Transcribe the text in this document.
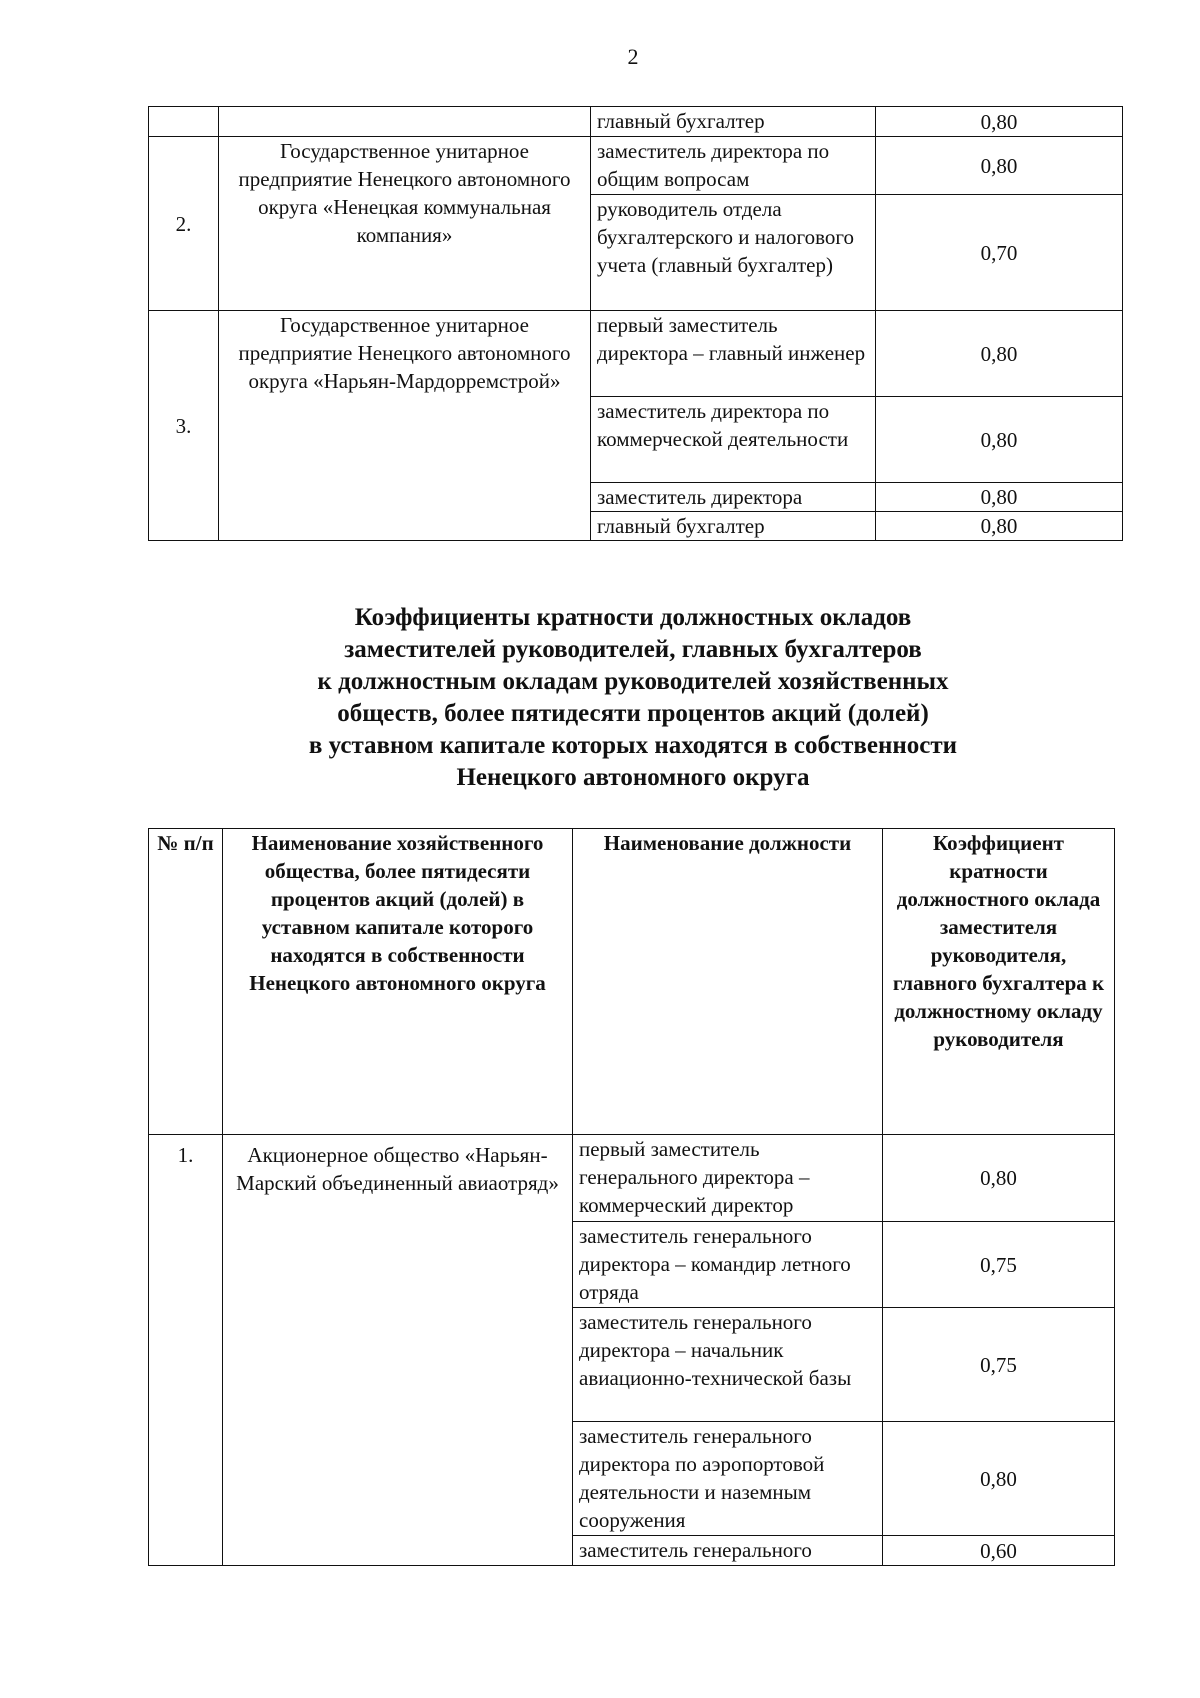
2
		главный бухгалтер	0,80
2.	Государственное унитарное предприятие Ненецкого автономного округа «Ненецкая коммунальная компания»	заместитель директора по общим вопросам	0,80
		руководитель отдела бухгалтерского и налогового учета (главный бухгалтер)	0,70
3.	Государственное унитарное предприятие Ненецкого автономного округа «Нарьян-Мардорремстрой»	первый заместитель директора – главный инженер	0,80
		заместитель директора по коммерческой деятельности	0,80
		заместитель директора	0,80
		главный бухгалтер	0,80
Коэффициенты кратности должностных окладов
заместителей руководителей, главных бухгалтеров
к должностным окладам руководителей хозяйственных
обществ, более пятидесяти процентов акций (долей)
в уставном капитале которых находятся в собственности
Ненецкого автономного округа
№ п/п	Наименование хозяйственного общества, более пятидесяти процентов акций (долей) в уставном капитале которого находятся в собственности Ненецкого автономного округа	Наименование должности	Коэффициент кратности должностного оклада заместителя руководителя, главного бухгалтера к должностному окладу руководителя
1.	Акционерное общество «Нарьян-Марский объединенный авиаотряд»	первый заместитель генерального директора – коммерческий директор	0,80
		заместитель генерального директора – командир летного отряда	0,75
		заместитель генерального директора – начальник авиационно-технической базы	0,75
		заместитель генерального директора по аэропортовой деятельности и наземным сооружения	0,80
		заместитель генерального	0,60
